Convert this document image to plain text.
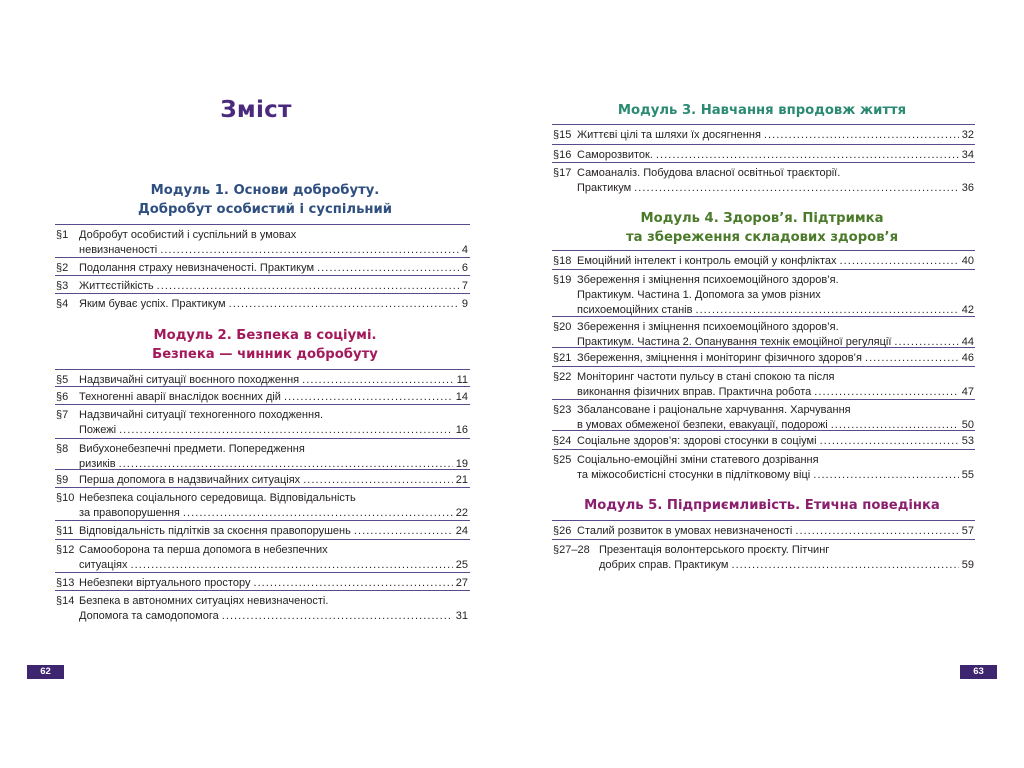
Зміст
Модуль 1. Основи добробуту.
Добробут особистий і суспільний
§1 Добробут особистий і суспільний в умовах
невизначеності . . .	4
§2 Подолання страху невизначеності. Практикум . . .	6
§3 Життєстійкість . . .	7
§4 Яким буває успіх. Практикум . . .	9
Модуль 2. Безпека в соціумі.
Безпека — чинник добробуту
§5 Надзвичайні ситуації воєнного походження . . .	11
§6 Техногенні аварії внаслідок воєнних дій . . .	14
§7 Надзвичайні ситуації техногенного походження.
Пожежі . . .	16
§8 Вибухонебезпечні предмети. Попередження
ризиків . . .	19
§9 Перша допомога в надзвичайних ситуаціях . . .	21
§10 Небезпека соціального середовища. Відповідальність
за правопорушення . . .	22
§11 Відповідальність підлітків за скоєння правопорушень . . .	24
§12 Самооборона та перша допомога в небезпечних
ситуаціях . . .	25
§13 Небезпеки віртуального простору . . .	27
§14 Безпека в автономних ситуаціях невизначеності.
Допомога та самодопомога . . .	31
62
Модуль 3. Навчання впродовж життя
§15 Життєві цілі та шляхи їх досягнення . . .	32
§16 Саморозвиток. . . .	34
§17 Самоаналіз. Побудова власної освітньої траєкторії.
Практикум . . .	36
Модуль 4. Здоров’я. Підтримка
та збереження складових здоров’я
§18 Емоційний інтелект і контроль емоцій у конфліктах . . .	40
§19 Збереження і зміцнення психоемоційного здоров’я.
Практикум. Частина 1. Допомога за умов різних
психоемоційних станів . . .	42
§20 Збереження і зміцнення психоемоційного здоров’я.
Практикум. Частина 2. Опанування технік емоційної регуляції . . .	44
§21 Збереження, зміцнення і моніторинг фізичного здоров’я . . .	46
§22 Моніторинг частоти пульсу в стані спокою та після
виконання фізичних вправ. Практична робота . . .	47
§23 Збалансоване і раціональне харчування. Харчування
в умовах обмеженої безпеки, евакуації, подорожі . . .	50
§24 Соціальне здоров’я: здорові стосунки в соціумі . . .	53
§25 Соціально-емоційні зміни статевого дозрівання
та міжособистісні стосунки в підлітковому віці . . .	55
Модуль 5. Підприємливість. Етична поведінка
§26 Сталий розвиток в умовах невизначеності . . .	57
§27–28 Презентація волонтерського проєкту. Пітчинг
добрих справ. Практикум . . .	59
63
